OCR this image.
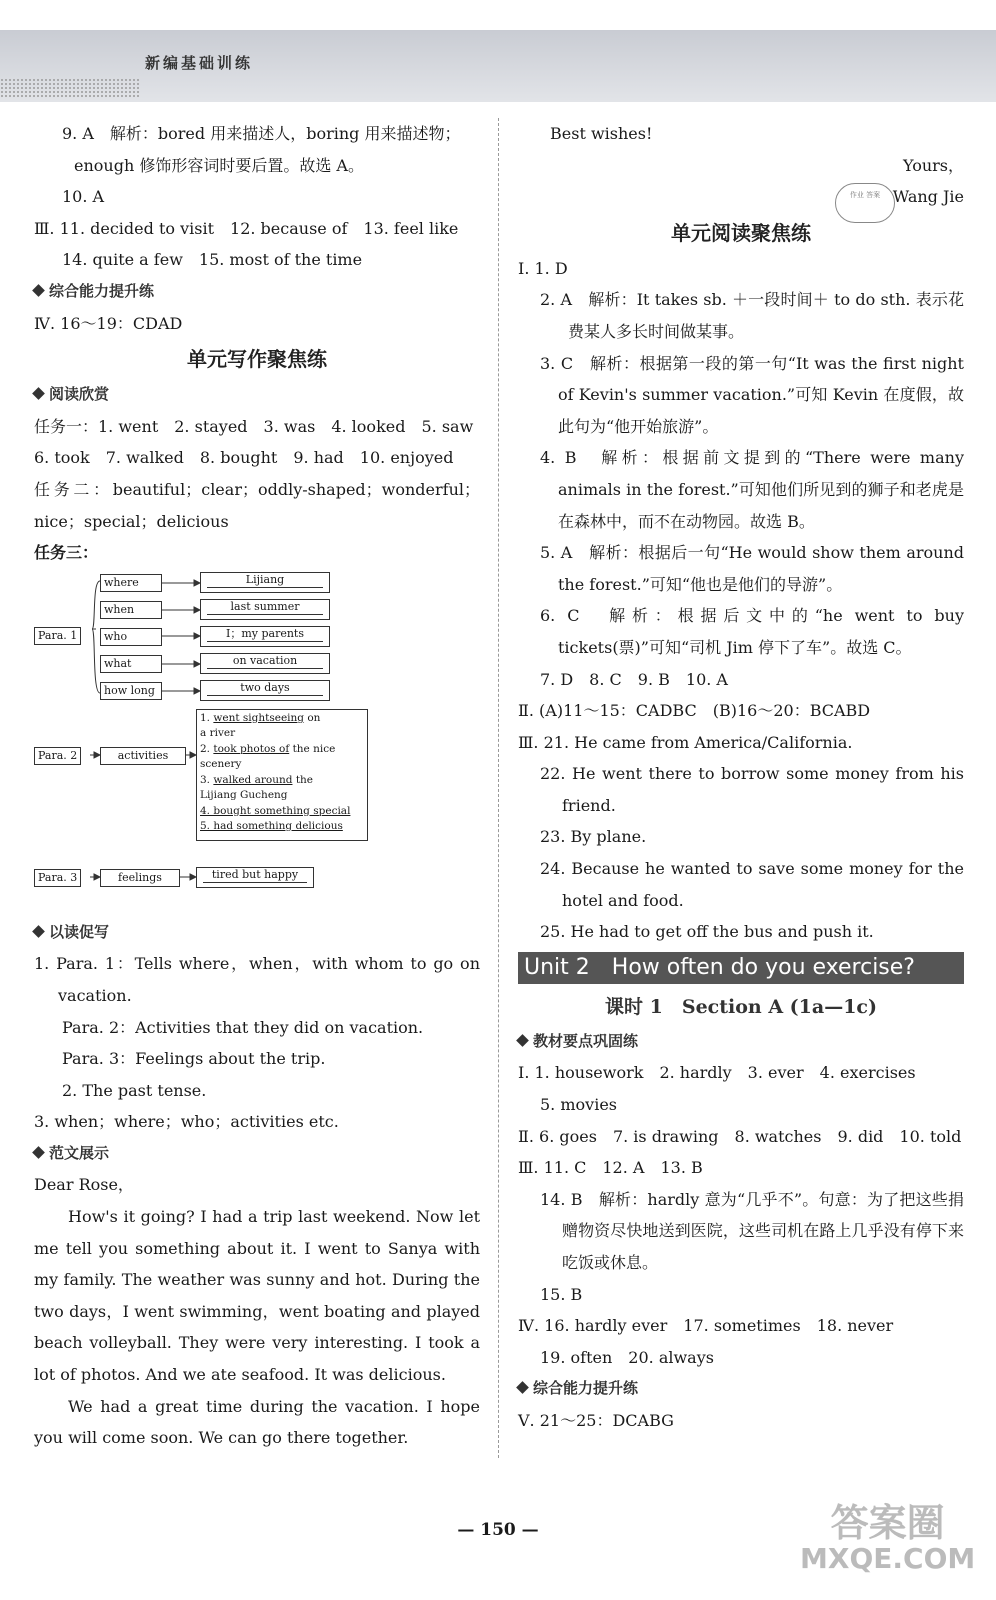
新编基础训练
9. A　解析：bored 用来描述人，boring 用来描述物；
enough 修饰形容词时要后置。故选 A。
10. A
Ⅲ. 11. decided to visit　12. because of　13. feel like
14. quite a few　15. most of the time
综合能力提升练
Ⅳ. 16～19：CDAD
单元写作聚焦练
阅读欣赏
任务一：1. went　2. stayed　3. was　4. looked　5. saw
6. took　7. walked　8. bought　9. had　10. enjoyed
任务二：beautiful；clear；oddly-shaped；wonderful；nice；special；delicious
任务三：
Para. 1
where
when
who
what
how long
Lijiang
last summer
I；my parents
on vacation
two days
Para. 2	activities
1. went sightseeing on
a river
2. took photos of the nice
scenery
3. walked around the
Lijiang Gucheng
4. bought something special
5. had something delicious
Para. 3	feelings	tired but happy
以读促写
1. Para. 1：Tells where，when，with whom to go on vacation.
Para. 2：Activities that they did on vacation.
Para. 3：Feelings about the trip.
2. The past tense.
3. when；where；who；activities etc.
范文展示
Dear Rose，
How's it going? I had a trip last weekend. Now let me tell you something about it. I went to Sanya with my family. The weather was sunny and hot. During the two days，I went swimming，went boating and played beach volleyball. They were very interesting. I took a lot of photos. And we ate seafood. It was delicious.
We had a great time during the vacation. I hope you will come soon. We can go there together.
Best wishes!
Yours，
Wang Jie
单元阅读聚焦练
Ⅰ. 1. D
2. A　解析：It takes sb. ＋一段时间＋ to do sth. 表示花费某人多长时间做某事。
3. C　解析：根据第一段的第一句“It was the first night of Kevin's summer vacation.”可知 Kevin 在度假，故此句为“他开始旅游”。
4. B　解析：根据前文提到的“There were many animals in the forest.”可知他们所见到的狮子和老虎是在森林中，而不在动物园。故选 B。
5. A　解析：根据后一句“He would show them around the forest.”可知“他也是他们的导游”。
6. C　解析：根据后文中的“he went to buy tickets(票)”可知“司机 Jim 停下了车”。故选 C。
7. D　8. C　9. B　10. A
Ⅱ. (A)11～15：CADBC　(B)16～20：BCABD
Ⅲ. 21. He came from America/California.
22. He went there to borrow some money from his friend.
23. By plane.
24. Because he wanted to save some money for the hotel and food.
25. He had to get off the bus and push it.
Unit 2　How often do you exercise?
课时 1　Section A (1a—1c)
教材要点巩固练
Ⅰ. 1. housework　2. hardly　3. ever　4. exercises
5. movies
Ⅱ. 6. goes　7. is drawing　8. watches　9. did　10. told
Ⅲ. 11. C　12. A　13. B
14. B　解析：hardly 意为“几乎不”。句意：为了把这些捐赠物资尽快地送到医院，这些司机在路上几乎没有停下来吃饭或休息。
15. B
Ⅳ. 16. hardly ever　17. sometimes　18. never
19. often　20. always
综合能力提升练
Ⅴ. 21～25：DCABG
作业 答案
— 150 —	答案圈
MXQE.COM
